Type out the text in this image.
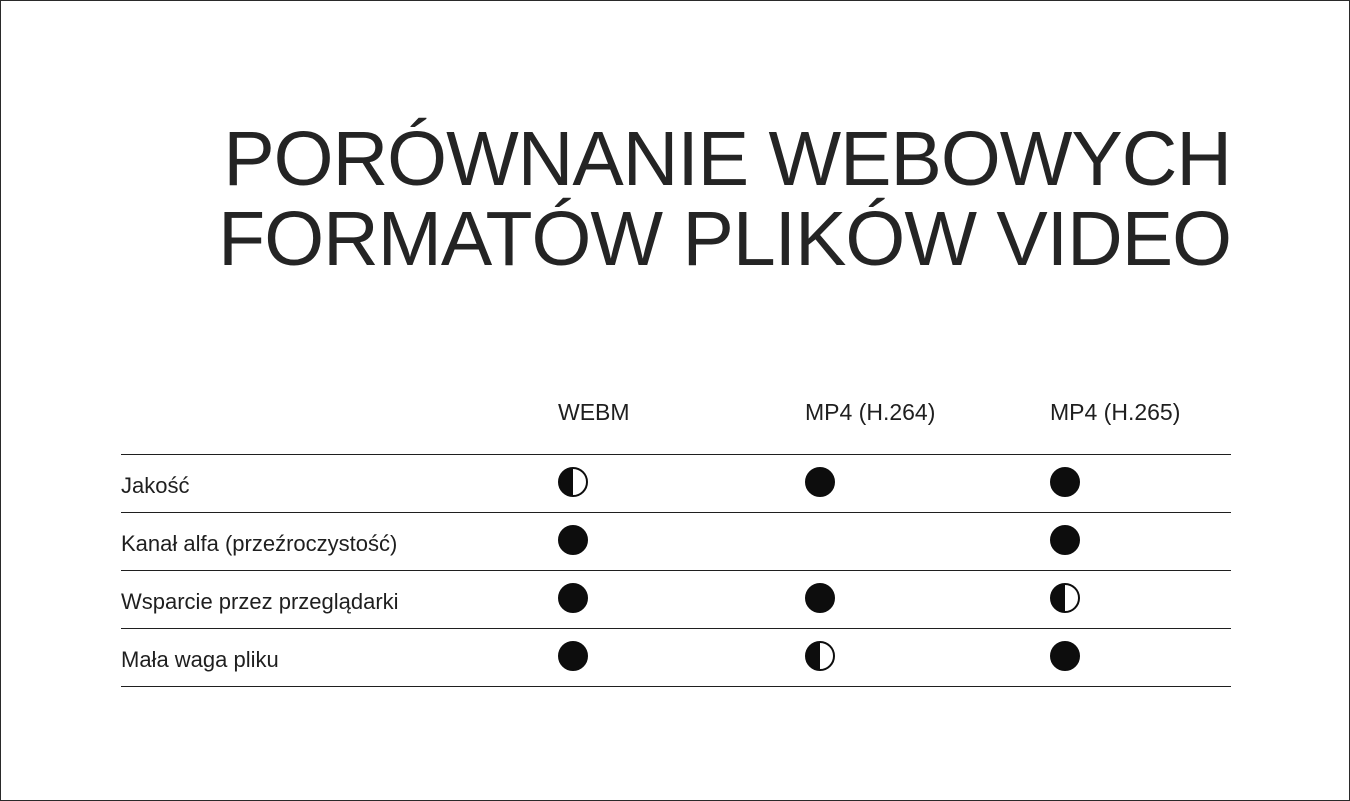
PORÓWNANIE WEBOWYCH
FORMATÓW PLIKÓW VIDEO
WEBM	MP4 (H.264)	MP4 (H.265)
Jakość
Kanał alfa (przeźroczystość)
Wsparcie przez przeglądarki
Mała waga pliku
